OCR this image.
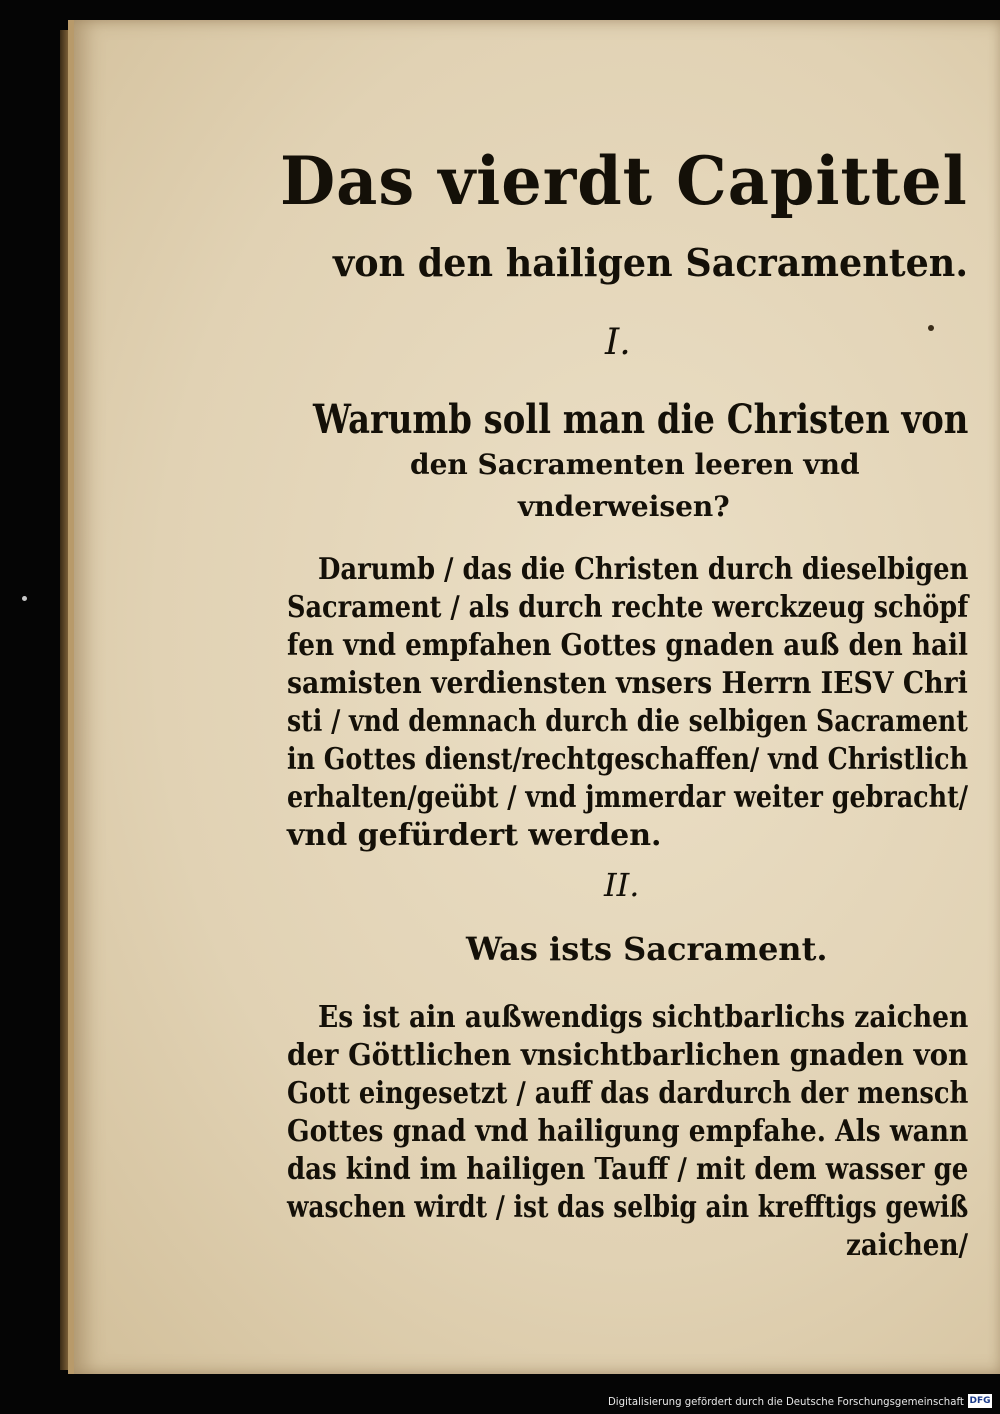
Das vierdt Capittel
von den hailigen Sacramenten.
I.
Warumb soll man die Christen von
den Sacramenten leeren vnd
vnderweisen?
Darumb / das die Christen durch dieselbigen
Sacrament / als durch rechte werckzeug schöpf
fen vnd empfahen Gottes gnaden auß den hail
samisten verdiensten vnsers Herrn IESV Chri
sti / vnd demnach durch die selbigen Sacrament
in Gottes dienst/rechtgeschaffen/ vnd Christlich
erhalten/geübt / vnd jmmerdar weiter gebracht/
vnd gefürdert werden.
II.
Was ists Sacrament.
Es ist ain außwendigs sichtbarlichs zaichen
der Göttlichen vnsichtbarlichen gnaden von
Gott eingesetzt / auff das dardurch der mensch
Gottes gnad vnd hailigung empfahe. Als wann
das kind im hailigen Tauff / mit dem wasser ge
waschen wirdt / ist das selbig ain krefftigs gewiß
zaichen/
Digitalisierung gefördert durch die Deutsche Forschungsgemeinschaft DFG
